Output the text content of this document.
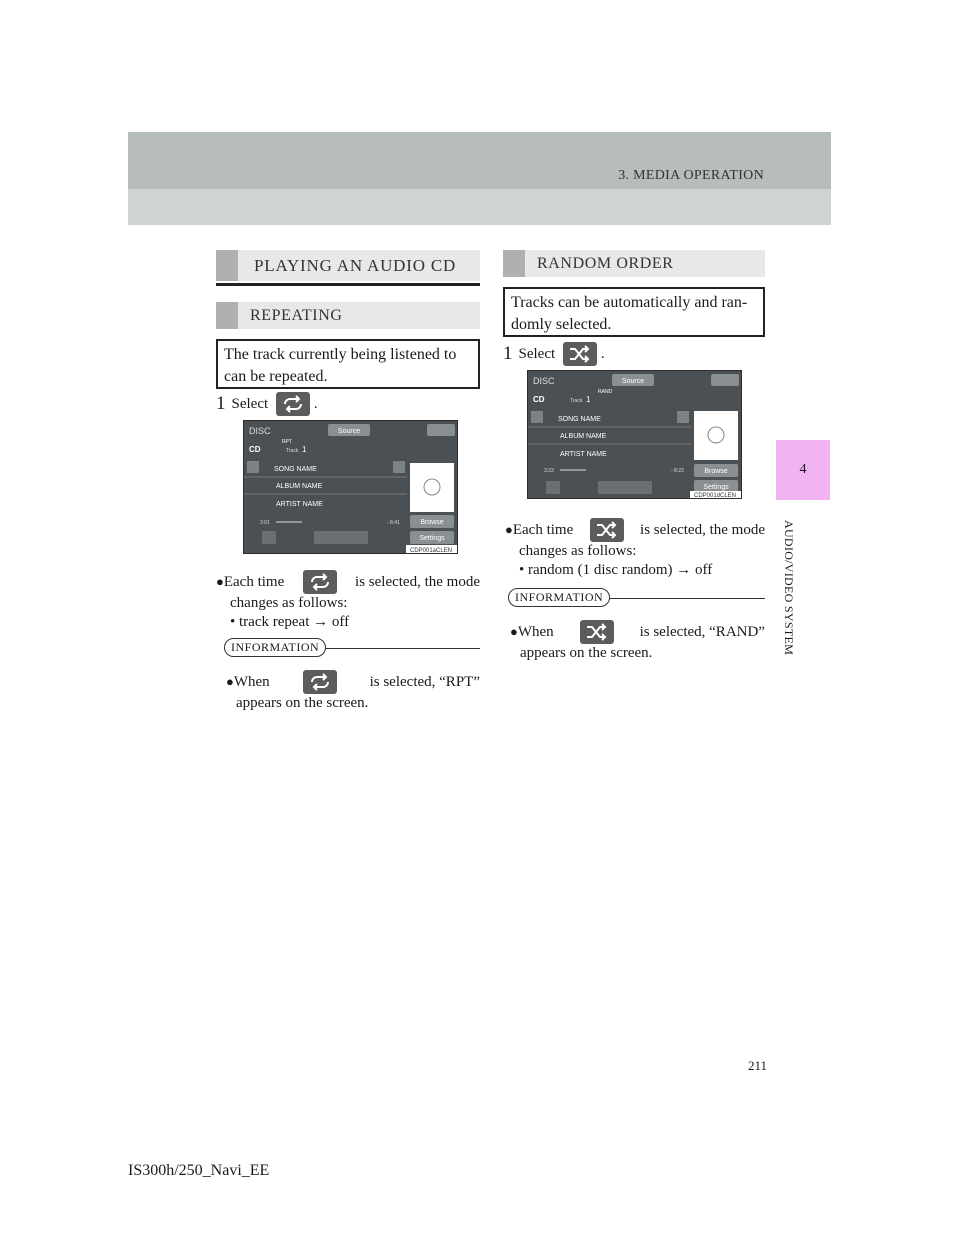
3. MEDIA OPERATION
4
AUDIO/VIDEO SYSTEM
PLAYING AN AUDIO CD
REPEATING
The track currently being listened to can be repeated.
1 Select
	.
DISC	Source
RPT
CD	Track 1
SONG NAME
ALBUM NAME
ARTIST NAME
3:01	- 8:41	Browse
Settings
CDP001aCLEN
●Each time	is selected, the mode
changes as follows:
• track repeat → off
INFORMATION
●When	is selected, “RPT”
appears on the screen.
RANDOM ORDER
Tracks can be automatically and ran-domly selected.
1 Select
	.
DISC	Source
RAND
CD	Track 1
SONG NAME
ALBUM NAME
ARTIST NAME
3:23	- 8:23	Browse
Settings
CDP001dCLEN
●Each time	is selected, the mode
changes as follows:
• random (1 disc random) → off
INFORMATION
●When	is selected, “RAND”
appears on the screen.
211
IS300h/250_Navi_EE
